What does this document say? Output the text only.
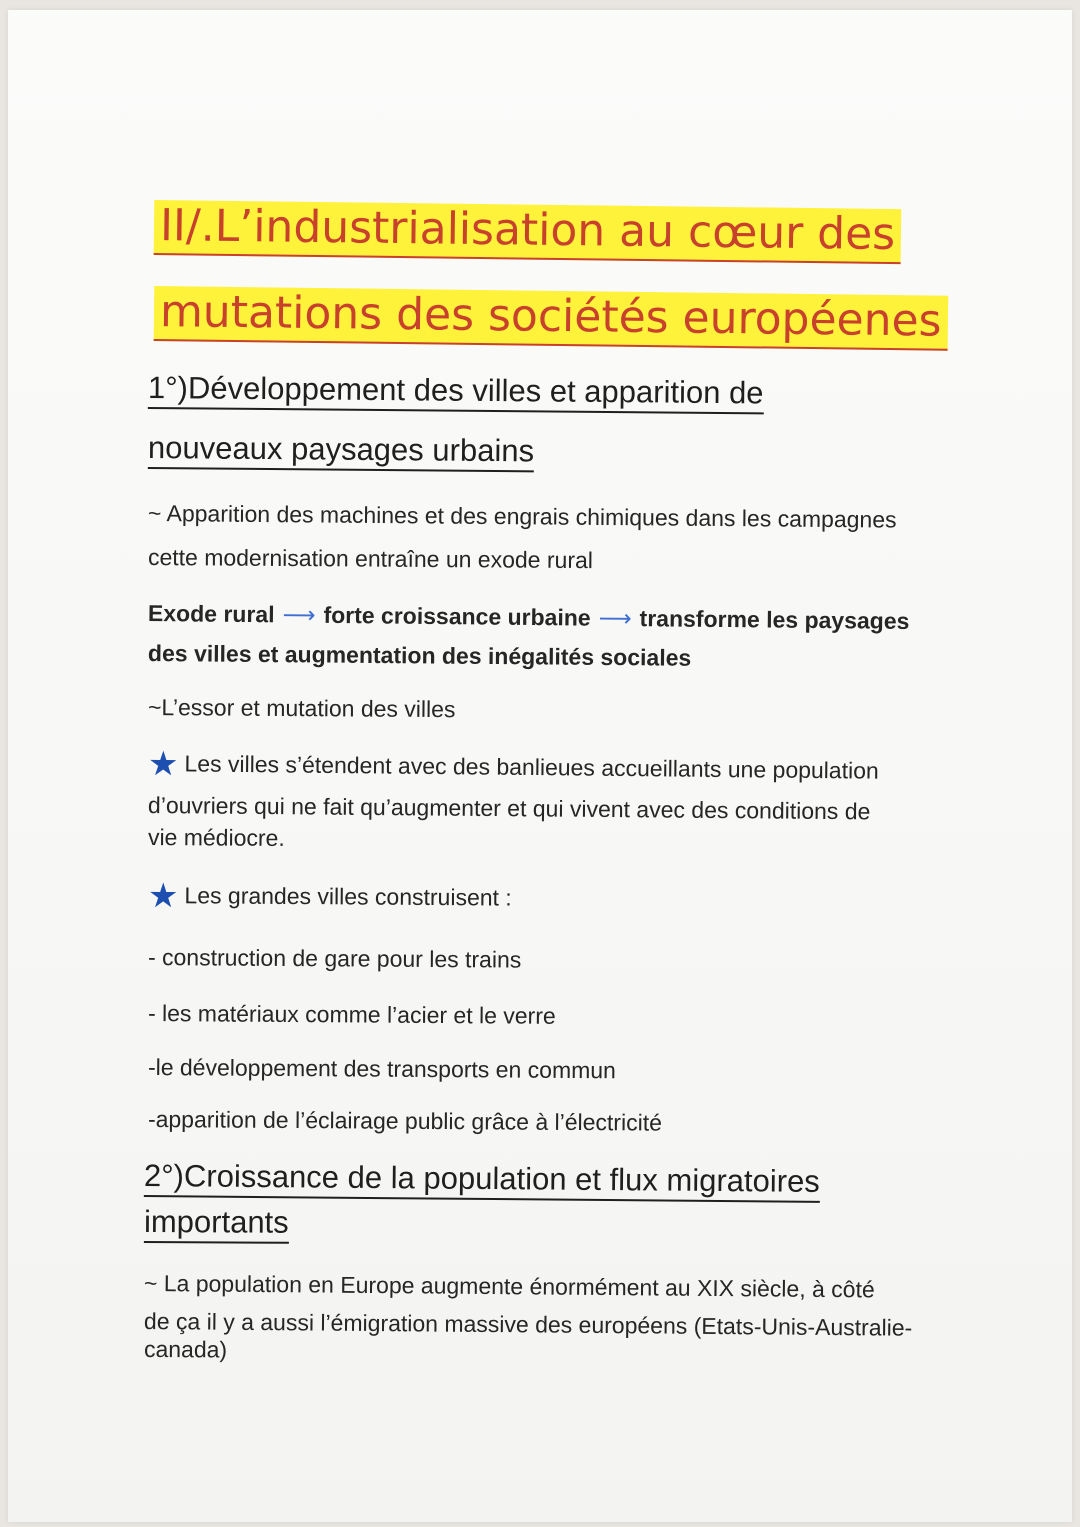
II/.L’industrialisation au cœur des
mutations des sociétés européenes
1°)Développement des villes et apparition de
nouveaux paysages urbains
~ Apparition des machines et des engrais chimiques dans les campagnes
cette modernisation entraîne un exode rural
Exode rural ⟶ forte croissance urbaine ⟶ transforme les paysages
des villes et augmentation des inégalités sociales
~L’essor et mutation des villes
★ Les villes s’étendent avec des banlieues accueillants une population
d’ouvriers qui ne fait qu’augmenter et qui vivent avec des conditions de
vie médiocre.
★ Les grandes villes construisent :
- construction de gare pour les trains
- les matériaux comme l’acier et le verre
-le développement des transports en commun
-apparition de l’éclairage public grâce à l’électricité
2°)Croissance de la population et flux migratoires
importants
~ La population en Europe augmente énormément au XIX siècle, à côté
de ça il y a aussi l’émigration massive des européens (Etats-Unis-Australie-
canada)
